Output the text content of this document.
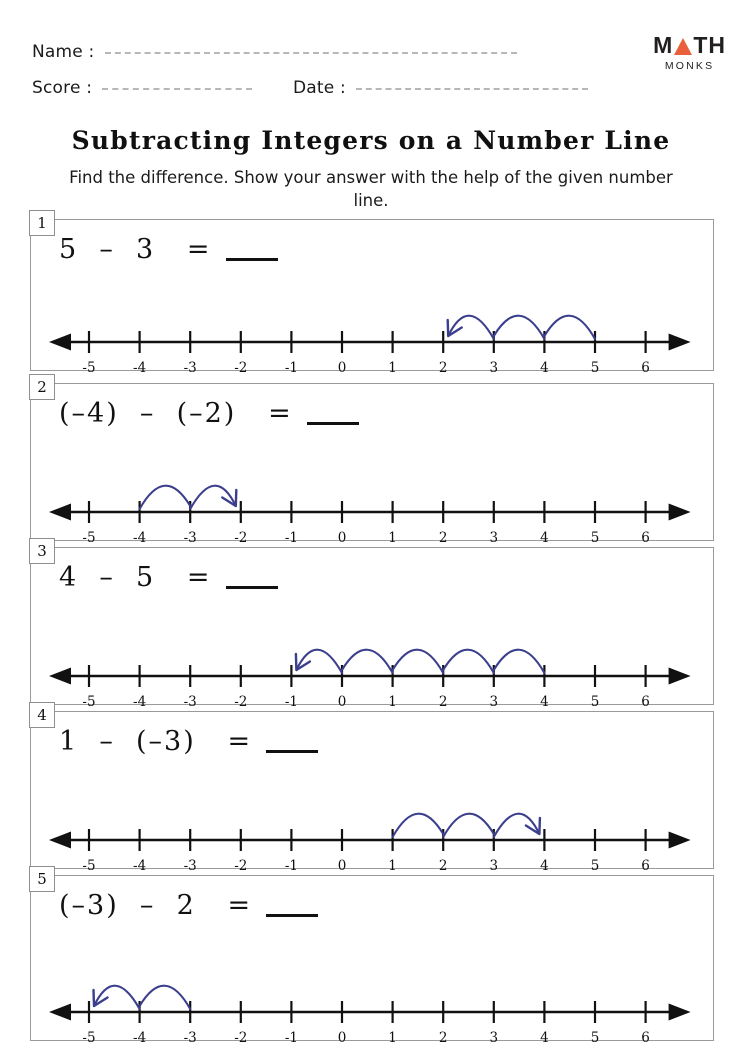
Name :
Score :	Date :
M TH
MONKS
Subtracting Integers on a Number Line
Find the difference. Show your answer with the help of the given number line.
1
5  –  3   =
-5	-4	-3	-2	-1	0	1	2	3	4	5	6
2
(–4)  –  (–2)   =
-5	-4	-3	-2	-1	0	1	2	3	4	5	6
3
4  –  5   =
-5	-4	-3	-2	-1	0	1	2	3	4	5	6
4
1  –  (–3)   =
-5	-4	-3	-2	-1	0	1	2	3	4	5	6
5
(–3)  –  2   =
-5	-4	-3	-2	-1	0	1	2	3	4	5	6
